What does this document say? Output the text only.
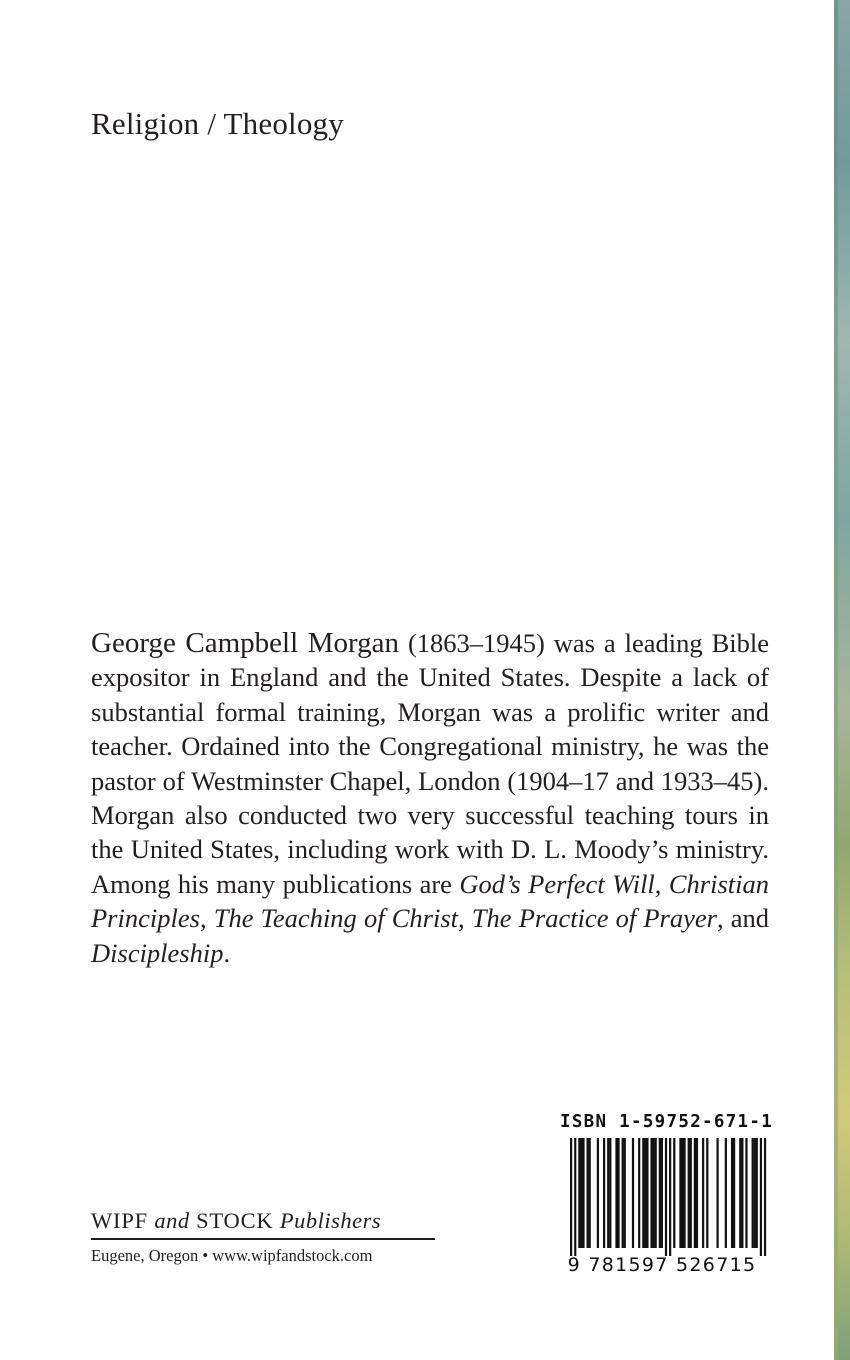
Religion / Theology
George Campbell Morgan (1863–1945) was a leading Bible expositor in England and the United States. Despite a lack of substantial formal training, Morgan was a prolific writer and teacher. Ordained into the Congregational ministry, he was the pastor of Westminster Chapel, London (1904–17 and 1933–45). Morgan also conducted two very successful teaching tours in the United States, including work with D. L. Moody’s ministry. Among his many publications are God’s Perfect Will, Christian Principles, The Teaching of Christ, The Practice of Prayer, and Discipleship.
WIPF and STOCK Publishers
Eugene, Oregon • www.wipfandstock.com
ISBN 1-59752-671-1
9 781597 526715
